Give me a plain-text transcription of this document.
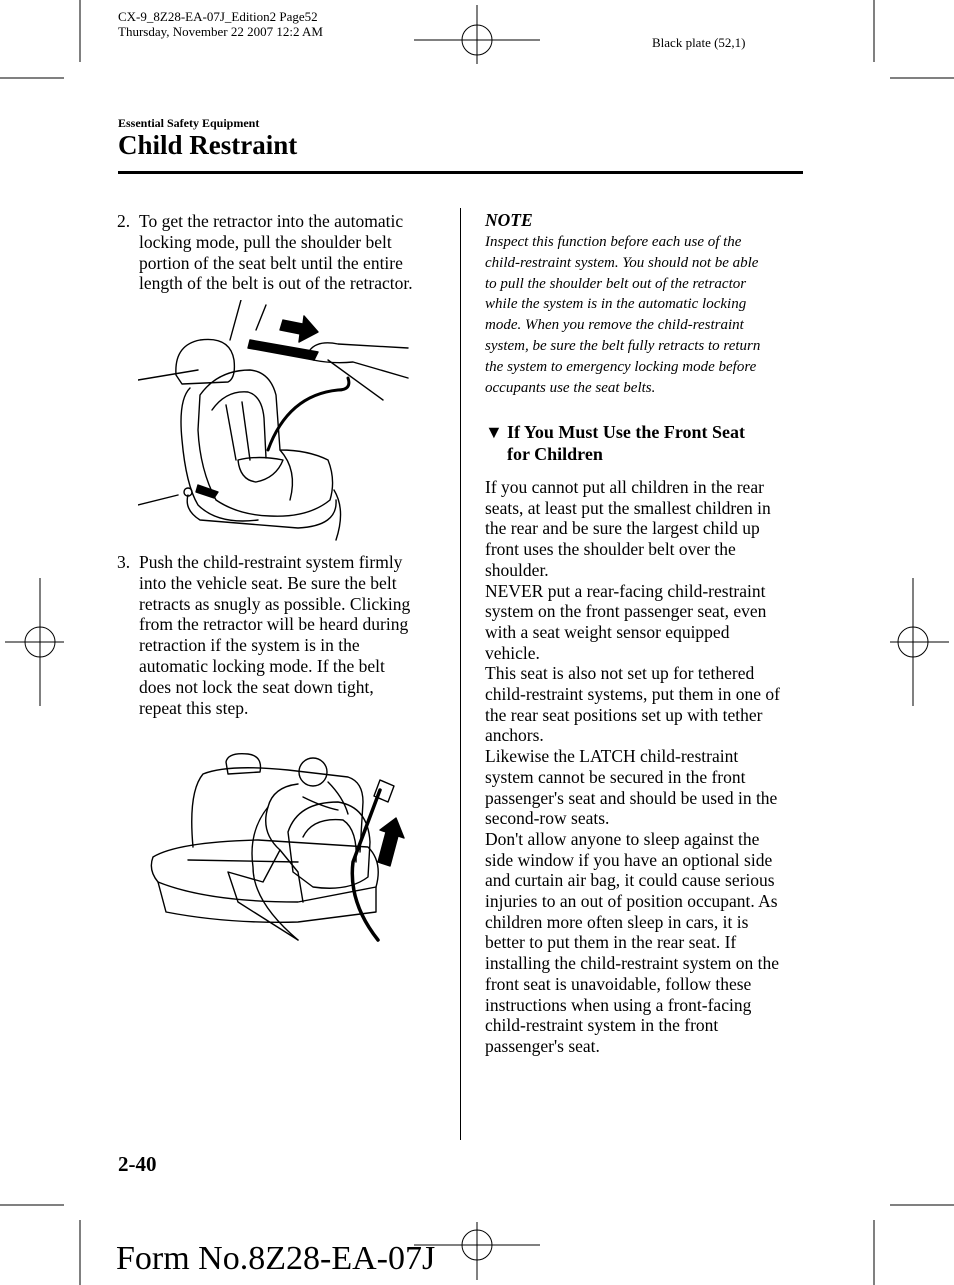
CX-9_8Z28-EA-07J_Edition2 Page52
Thursday, November 22 2007 12:2 AM
Black plate (52,1)
Essential Safety Equipment
Child Restraint
2. To get the retractor into the automatic
locking mode, pull the shoulder belt
portion of the seat belt until the entire
length of the belt is out of the retractor.
3. Push the child-restraint system firmly
into the vehicle seat. Be sure the belt
retracts as snugly as possible. Clicking
from the retractor will be heard during
retraction if the system is in the
automatic locking mode. If the belt
does not lock the seat down tight,
repeat this step.
NOTE
Inspect this function before each use of the
child-restraint system. You should not be able
to pull the shoulder belt out of the retractor
while the system is in the automatic locking
mode. When you remove the child-restraint
system, be sure the belt fully retracts to return
the system to emergency locking mode before
occupants use the seat belts.
▼ If You Must Use the Front Seat
for Children

If you cannot put all children in the rear

seats, at least put the smallest children in

the rear and be sure the largest child up

front uses the shoulder belt over the

shoulder.

NEVER put a rear-facing child-restraint

system on the front passenger seat, even

with a seat weight sensor equipped

vehicle.

This seat is also not set up for tethered

child-restraint systems, put them in one of

the rear seat positions set up with tether

anchors.

Likewise the LATCH child-restraint

system cannot be secured in the front

passenger's seat and should be used in the

second-row seats.

Don't allow anyone to sleep against the

side window if you have an optional side

and curtain air bag, it could cause serious

injuries to an out of position occupant. As

children more often sleep in cars, it is

better to put them in the rear seat. If

installing the child-restraint system on the

front seat is unavoidable, follow these

instructions when using a front-facing

child-restraint system in the front

passenger's seat.

2-40
Form No.8Z28-EA-07J
